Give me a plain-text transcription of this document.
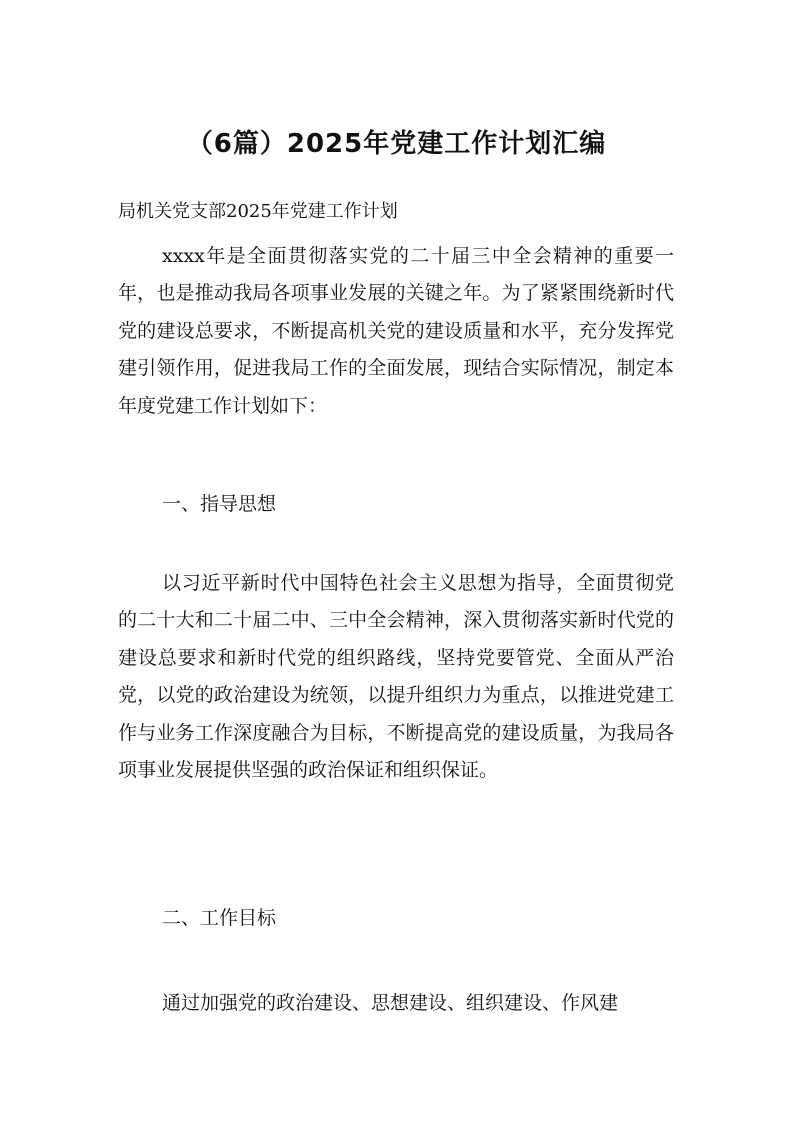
（6篇）2025年党建工作计划汇编
局机关党支部2025年党建工作计划

xxxx年是全面贯彻落实党的二十届三中全会精神的重要一年，也是推动我局各项事业发展的关键之年。为了紧紧围绕新时代党的建设总要求，不断提高机关党的建设质量和水平，充分发挥党建引领作用，促进我局工作的全面发展，现结合实际情况，制定本年度党建工作计划如下：

一、指导思想

以习近平新时代中国特色社会主义思想为指导，全面贯彻党的二十大和二十届二中、三中全会精神，深入贯彻落实新时代党的建设总要求和新时代党的组织路线，坚持党要管党、全面从严治党，以党的政治建设为统领，以提升组织力为重点，以推进党建工作与业务工作深度融合为目标，不断提高党的建设质量，为我局各项事业发展提供坚强的政治保证和组织保证。

二、工作目标

通过加强党的政治建设、思想建设、组织建设、作风建
